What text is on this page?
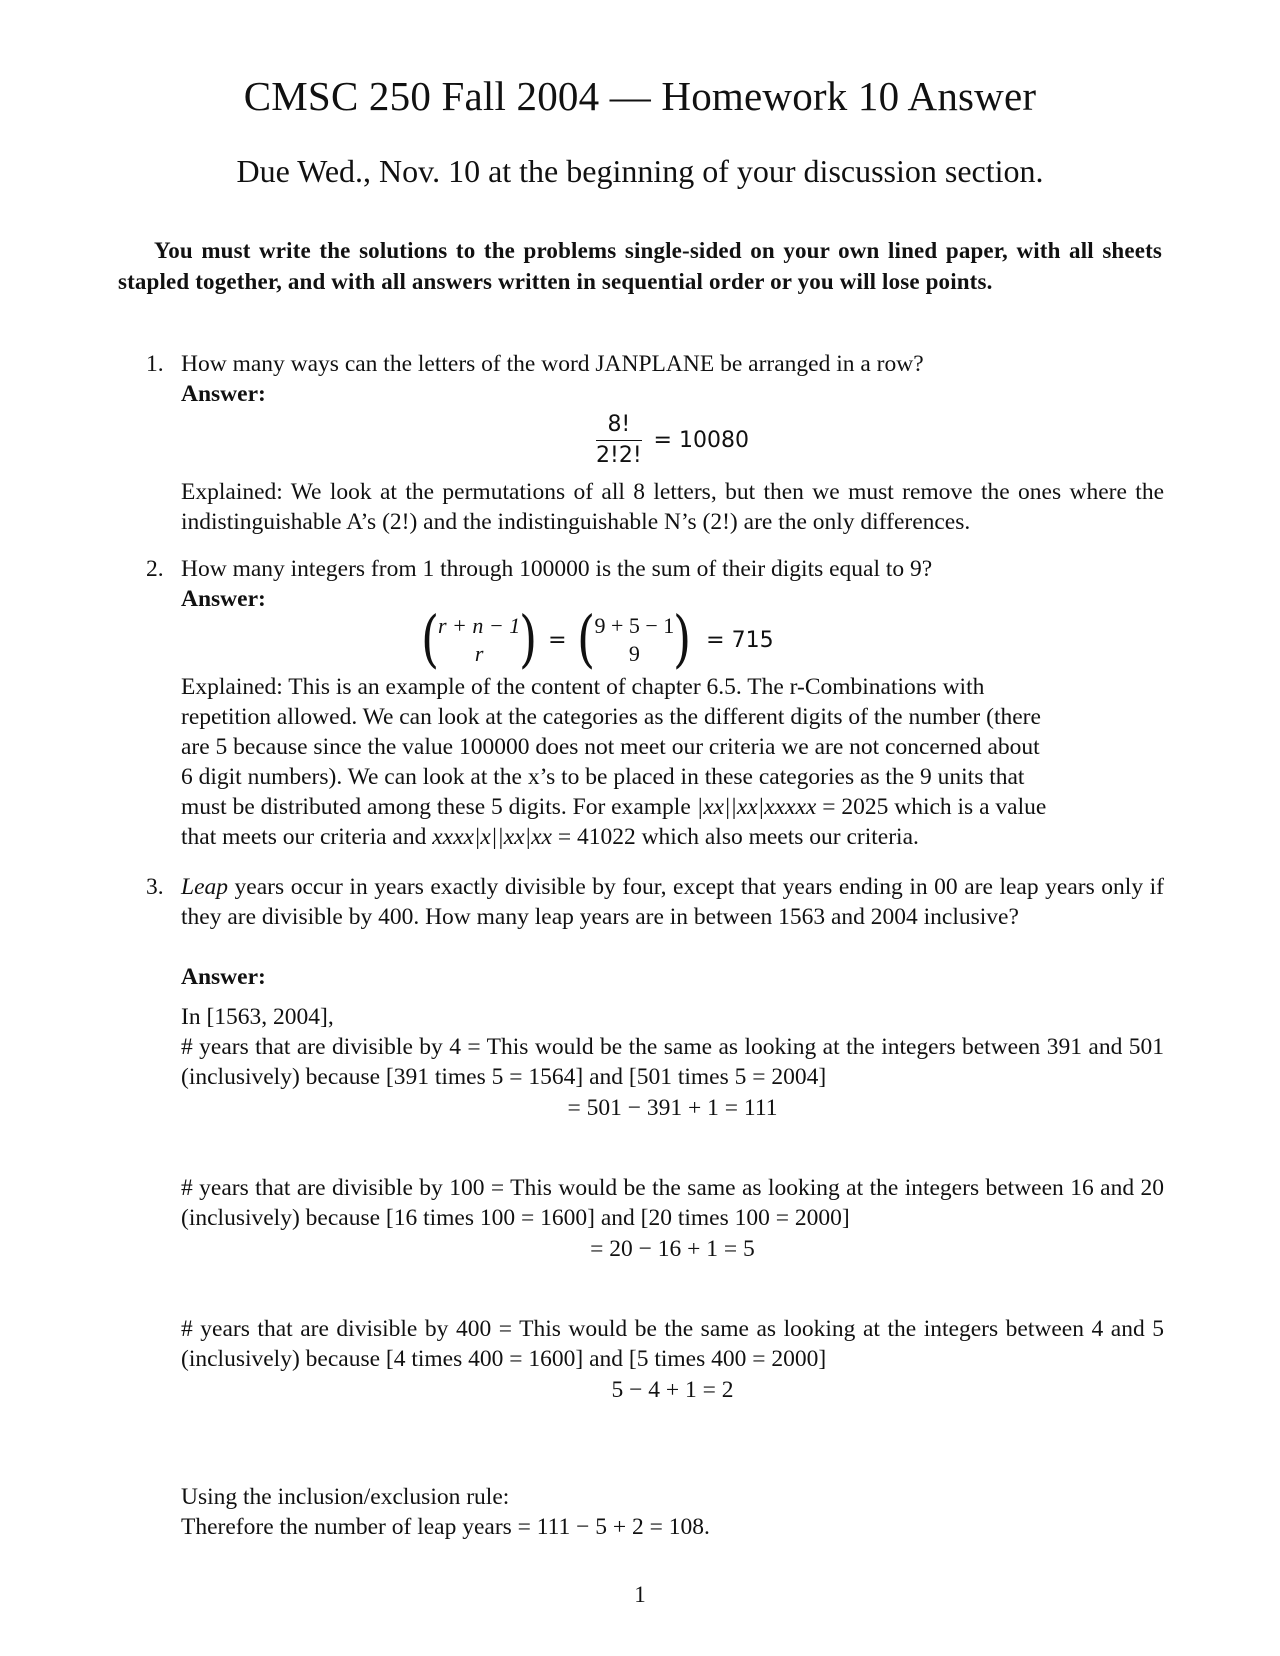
CMSC 250 Fall 2004 — Homework 10 Answer
Due Wed., Nov. 10 at the beginning of your discussion section.
You must write the solutions to the problems single-sided on your own lined paper, with all sheets stapled together, and with all answers written in sequential order or you will lose points.
1. How many ways can the letters of the word JANPLANE be arranged in a row?
Answer:
$\frac{8!}{2!2!} = 10080$
Explained: We look at the permutations of all 8 letters, but then we must remove the ones where the indistinguishable A’s (2!) and the indistinguishable N’s (2!) are the only differences.
2. How many integers from 1 through 100000 is the sum of their digits equal to 9?
Answer:
(
r + n − 1
r ) = (
9 + 5 − 1
9 ) = 715
Explained: This is an example of the content of chapter 6.5. The r-Combinations with
repetition allowed. We can look at the categories as the different digits of the number (there
are 5 because since the value 100000 does not meet our criteria we are not concerned about
6 digit numbers). We can look at the x’s to be placed in these categories as the 9 units that
must be distributed among these 5 digits. For example |xx||xx|xxxxx = 2025 which is a value
that meets our criteria and xxxx|x||xx|xx = 41022 which also meets our criteria.
3. Leap years occur in years exactly divisible by four, except that years ending in 00 are leap years only if they are divisible by 400. How many leap years are in between 1563 and 2004 inclusive?
Answer:
In [1563, 2004],
# years that are divisible by 4 = This would be the same as looking at the integers between 391 and 501 (inclusively) because [391 times 5 = 1564] and [501 times 5 = 2004]
= 501 − 391 + 1 = 111
# years that are divisible by 100 = This would be the same as looking at the integers between 16 and 20 (inclusively) because [16 times 100 = 1600] and [20 times 100 = 2000]
= 20 − 16 + 1 = 5
# years that are divisible by 400 = This would be the same as looking at the integers between 4 and 5 (inclusively) because [4 times 400 = 1600] and [5 times 400 = 2000]
5 − 4 + 1 = 2
Using the inclusion/exclusion rule:
Therefore the number of leap years = 111 − 5 + 2 = 108.
1
